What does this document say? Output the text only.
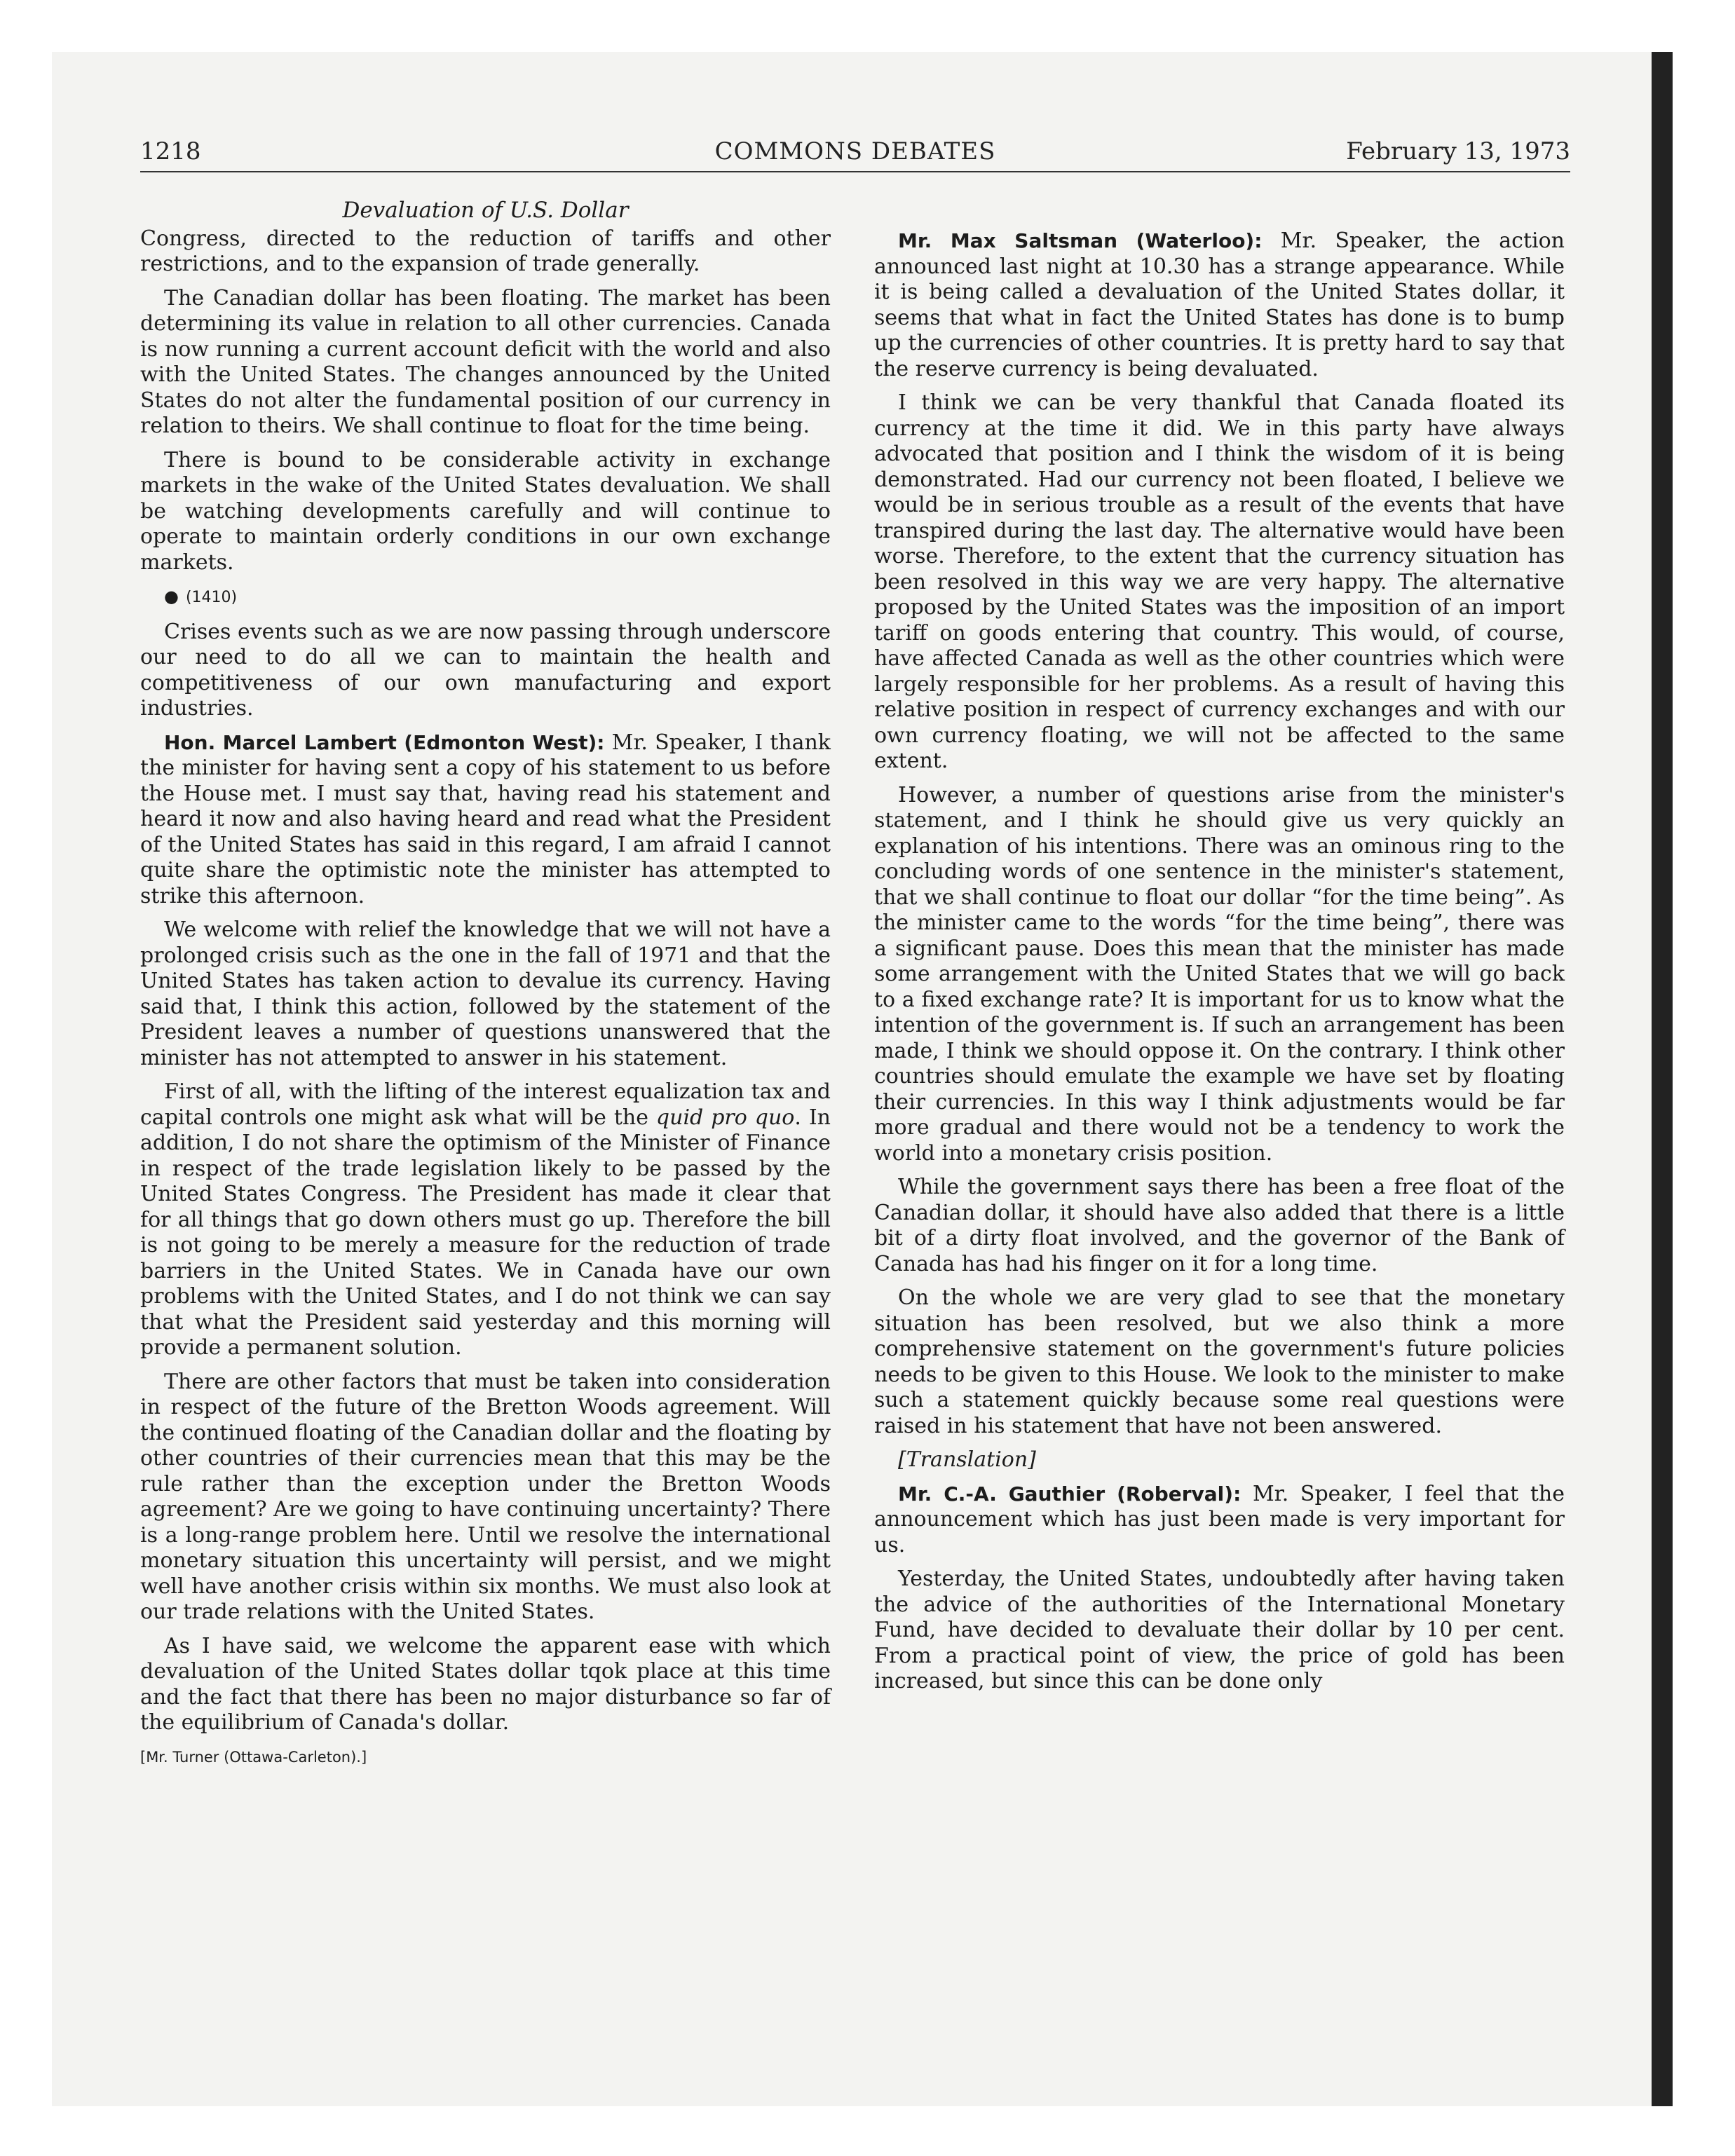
1218	COMMONS DEBATES	February 13, 1973
Devaluation of U.S. Dollar

Congress, directed to the reduction of tariffs and other restrictions, and to the expansion of trade generally.

The Canadian dollar has been floating. The market has been determining its value in relation to all other currencies. Canada is now running a current account deficit with the world and also with the United States. The changes announced by the United States do not alter the fundamental position of our currency in relation to theirs. We shall continue to float for the time being.

There is bound to be considerable activity in exchange markets in the wake of the United States devaluation. We shall be watching developments carefully and will continue to operate to maintain orderly conditions in our own exchange markets.

● (1410)

Crises events such as we are now passing through underscore our need to do all we can to maintain the health and competitiveness of our own manufacturing and export industries.

Hon. Marcel Lambert (Edmonton West): Mr. Speaker, I thank the minister for having sent a copy of his statement to us before the House met. I must say that, having read his statement and heard it now and also having heard and read what the President of the United States has said in this regard, I am afraid I cannot quite share the optimistic note the minister has attempted to strike this afternoon.

We welcome with relief the knowledge that we will not have a prolonged crisis such as the one in the fall of 1971 and that the United States has taken action to devalue its currency. Having said that, I think this action, followed by the statement of the President leaves a number of questions unanswered that the minister has not attempted to answer in his statement.

First of all, with the lifting of the interest equalization tax and capital controls one might ask what will be the quid pro quo. In addition, I do not share the optimism of the Minister of Finance in respect of the trade legislation likely to be passed by the United States Congress. The President has made it clear that for all things that go down others must go up. Therefore the bill is not going to be merely a measure for the reduction of trade barriers in the United States. We in Canada have our own problems with the United States, and I do not think we can say that what the President said yesterday and this morning will provide a permanent solution.

There are other factors that must be taken into consideration in respect of the future of the Bretton Woods agreement. Will the continued floating of the Canadian dollar and the floating by other countries of their currencies mean that this may be the rule rather than the exception under the Bretton Woods agreement? Are we going to have continuing uncertainty? There is a long-range problem here. Until we resolve the international monetary situation this uncertainty will persist, and we might well have another crisis within six months. We must also look at our trade relations with the United States.

As I have said, we welcome the apparent ease with which devaluation of the United States dollar tqok place at this time and the fact that there has been no major disturbance so far of the equilibrium of Canada's dollar.

[Mr. Turner (Ottawa-Carleton).]

Mr. Max Saltsman (Waterloo): Mr. Speaker, the action announced last night at 10.30 has a strange appearance. While it is being called a devaluation of the United States dollar, it seems that what in fact the United States has done is to bump up the currencies of other countries. It is pretty hard to say that the reserve currency is being devaluated.

I think we can be very thankful that Canada floated its currency at the time it did. We in this party have always advocated that position and I think the wisdom of it is being demonstrated. Had our currency not been floated, I believe we would be in serious trouble as a result of the events that have transpired during the last day. The alternative would have been worse. Therefore, to the extent that the currency situation has been resolved in this way we are very happy. The alternative proposed by the United States was the imposition of an import tariff on goods entering that country. This would, of course, have affected Canada as well as the other countries which were largely responsible for her problems. As a result of having this relative position in respect of currency exchanges and with our own currency floating, we will not be affected to the same extent.

However, a number of questions arise from the minister's statement, and I think he should give us very quickly an explanation of his intentions. There was an ominous ring to the concluding words of one sentence in the minister's statement, that we shall continue to float our dollar “for the time being”. As the minister came to the words “for the time being”, there was a significant pause. Does this mean that the minister has made some arrangement with the United States that we will go back to a fixed exchange rate? It is important for us to know what the intention of the government is. If such an arrangement has been made, I think we should oppose it. On the contrary. I think other countries should emulate the example we have set by floating their currencies. In this way I think adjustments would be far more gradual and there would not be a tendency to work the world into a monetary crisis position.

While the government says there has been a free float of the Canadian dollar, it should have also added that there is a little bit of a dirty float involved, and the governor of the Bank of Canada has had his finger on it for a long time.

On the whole we are very glad to see that the monetary situation has been resolved, but we also think a more comprehensive statement on the government's future policies needs to be given to this House. We look to the minister to make such a statement quickly because some real questions were raised in his statement that have not been answered.

[Translation]

Mr. C.-A. Gauthier (Roberval): Mr. Speaker, I feel that the announcement which has just been made is very important for us.

Yesterday, the United States, undoubtedly after having taken the advice of the authorities of the International Monetary Fund, have decided to devaluate their dollar by 10 per cent. From a practical point of view, the price of gold has been increased, but since this can be done only
